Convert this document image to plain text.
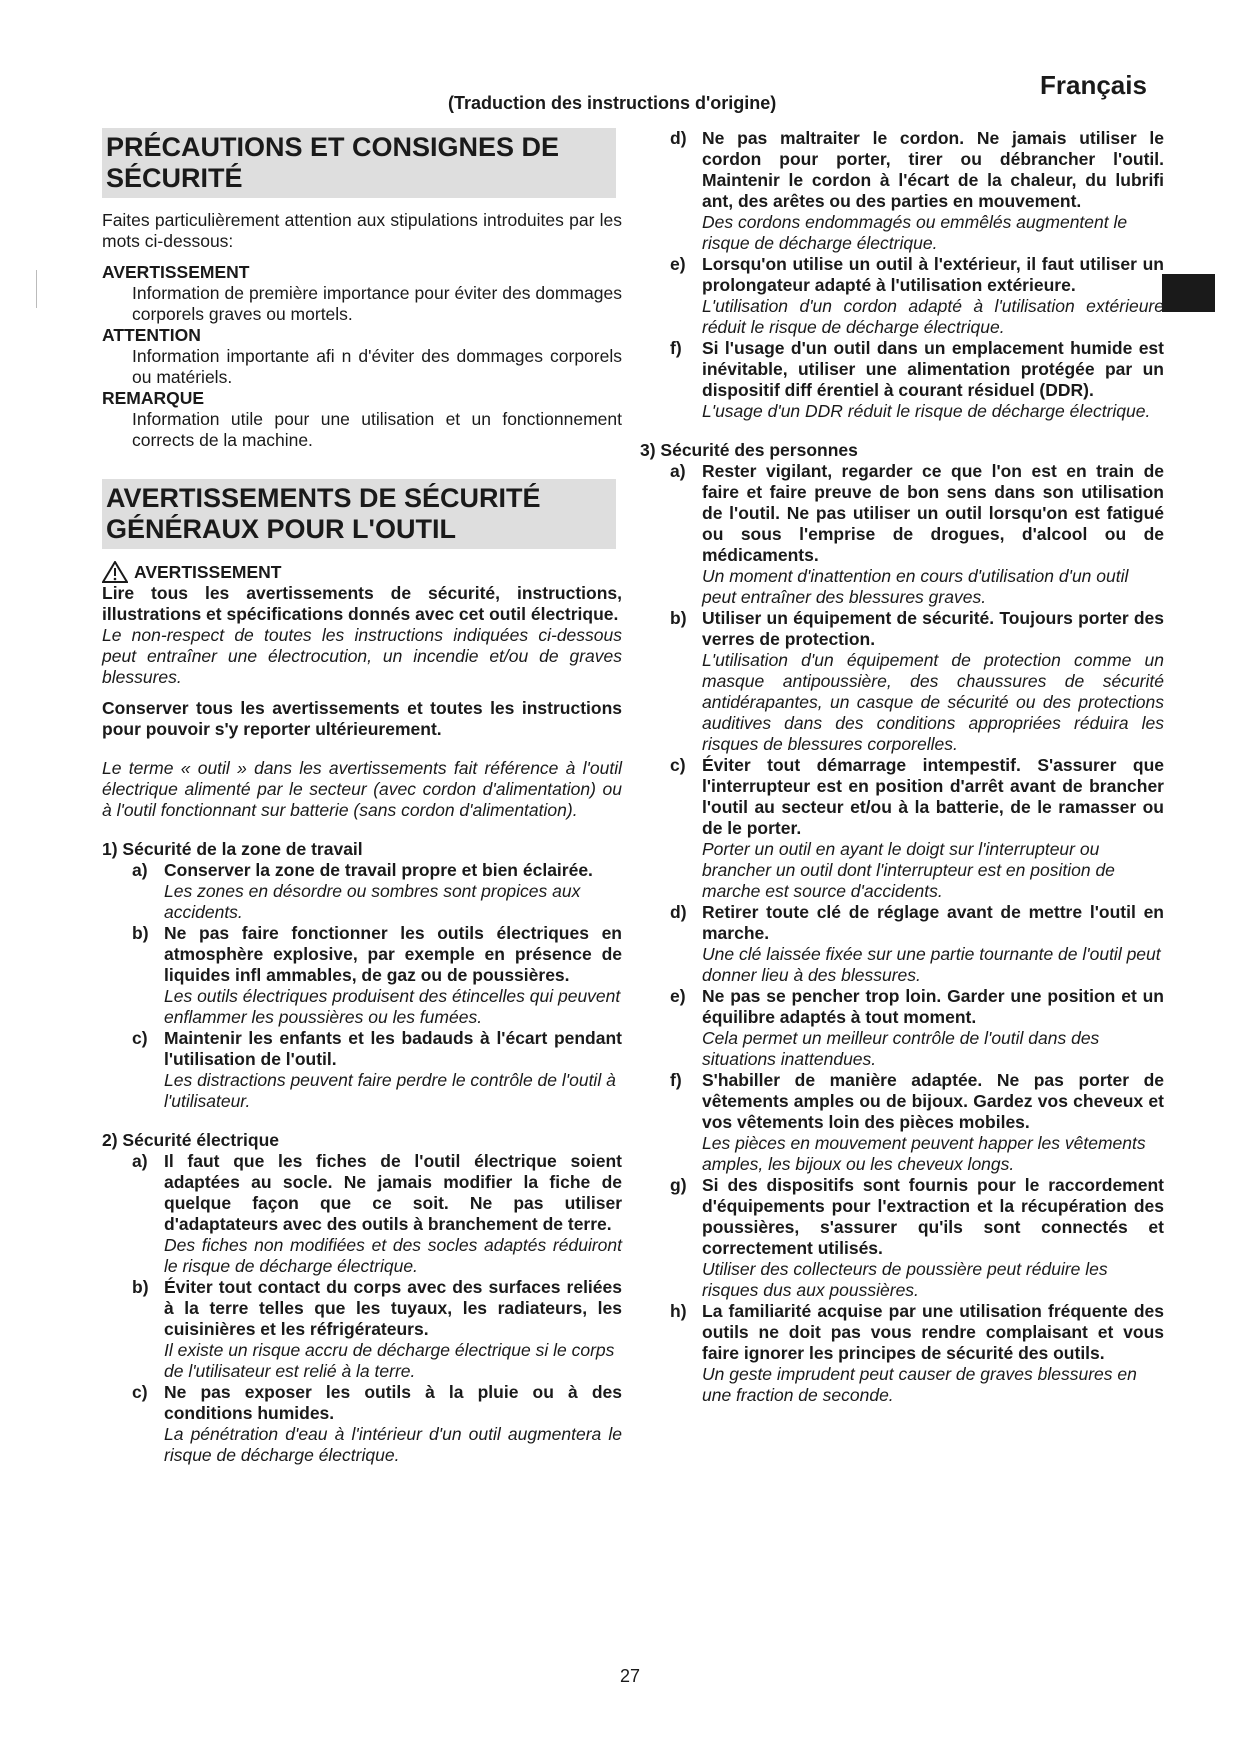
Français
(Traduction des instructions d'origine)
PRÉCAUTIONS ET CONSIGNES DE
SÉCURITÉ

Faites particulièrement attention aux stipulations introduites par les mots ci-dessous:

AVERTISSEMENT

Information de première importance pour éviter des dommages corporels graves ou mortels.

ATTENTION

Information importante afi n d'éviter des dommages corporels ou matériels.

REMARQUE

Information utile pour une utilisation et un fonctionnement corrects de la machine.

AVERTISSEMENTS DE SÉCURITÉ
GÉNÉRAUX POUR L'OUTIL
AVERTISSEMENT

Lire tous les avertissements de sécurité, instructions, illustrations et spécifications donnés avec cet outil électrique.

Le non-respect de toutes les instructions indiquées ci-dessous peut entraîner une électrocution, un incendie et/ou de graves blessures.

Conserver tous les avertissements et toutes les instructions pour pouvoir s'y reporter ultérieurement.

Le terme « outil » dans les avertissements fait référence à l'outil électrique alimenté par le secteur (avec cordon d'alimentation) ou à l'outil fonctionnant sur batterie (sans cordon d'alimentation).

1) Sécurité de la zone de travail

a) Conserver la zone de travail propre et bien éclairée.

Les zones en désordre ou sombres sont propices aux accidents.

b) Ne pas faire fonctionner les outils électriques en atmosphère explosive, par exemple en présence de liquides infl ammables, de gaz ou de poussières.

Les outils électriques produisent des étincelles qui peuvent enflammer les poussières ou les fumées.

c) Maintenir les enfants et les badauds à l'écart pendant l'utilisation de l'outil.

Les distractions peuvent faire perdre le contrôle de l'outil à l'utilisateur.

2) Sécurité électrique

a) Il faut que les fiches de l'outil électrique soient adaptées au socle. Ne jamais modifier la fiche de quelque façon que ce soit. Ne pas utiliser d'adaptateurs avec des outils à branchement de terre.

Des fiches non modifiées et des socles adaptés réduiront le risque de décharge électrique.

b) Éviter tout contact du corps avec des surfaces reliées à la terre telles que les tuyaux, les radiateurs, les cuisinières et les réfrigérateurs.

Il existe un risque accru de décharge électrique si le corps de l'utilisateur est relié à la terre.

c) Ne pas exposer les outils à la pluie ou à des conditions humides.

La pénétration d'eau à l'intérieur d'un outil augmentera le risque de décharge électrique.

d) Ne pas maltraiter le cordon. Ne jamais utiliser le cordon pour porter, tirer ou débrancher l'outil. Maintenir le cordon à l'écart de la chaleur, du lubrifi ant, des arêtes ou des parties en mouvement.

Des cordons endommagés ou emmêlés augmentent le risque de décharge électrique.

e) Lorsqu'on utilise un outil à l'extérieur, il faut utiliser un prolongateur adapté à l'utilisation extérieure.

L'utilisation d'un cordon adapté à l'utilisation extérieure réduit le risque de décharge électrique.

f)	Si l'usage d'un outil dans un emplacement humide est inévitable, utiliser une alimentation protégée par un dispositif diff érentiel à courant résiduel (DDR).

L'usage d'un DDR réduit le risque de décharge électrique.

3) Sécurité des personnes

a) Rester vigilant, regarder ce que l'on est en train de faire et faire preuve de bon sens dans son utilisation de l'outil. Ne pas utiliser un outil lorsqu'on est fatigué ou sous l'emprise de drogues, d'alcool ou de médicaments.

Un moment d'inattention en cours d'utilisation d'un outil peut entraîner des blessures graves.

b) Utiliser un équipement de sécurité. Toujours porter des verres de protection.

L'utilisation d'un équipement de protection comme un masque antipoussière, des chaussures de sécurité antidérapantes, un casque de sécurité ou des protections auditives dans des conditions appropriées réduira les risques de blessures corporelles.

c) Éviter tout démarrage intempestif. S'assurer que l'interrupteur est en position d'arrêt avant de brancher l'outil au secteur et/ou à la batterie, de le ramasser ou de le porter.

Porter un outil en ayant le doigt sur l'interrupteur ou brancher un outil dont l'interrupteur est en position de marche est source d'accidents.

d) Retirer toute clé de réglage avant de mettre l'outil en marche.

Une clé laissée fixée sur une partie tournante de l'outil peut donner lieu à des blessures.

e) Ne pas se pencher trop loin. Garder une position et un équilibre adaptés à tout moment.

Cela permet un meilleur contrôle de l'outil dans des situations inattendues.

f)	S'habiller de manière adaptée. Ne pas porter de vêtements amples ou de bijoux. Gardez vos cheveux et vos vêtements loin des pièces mobiles.

Les pièces en mouvement peuvent happer les vêtements amples, les bijoux ou les cheveux longs.

g) Si des dispositifs sont fournis pour le raccordement d'équipements pour l'extraction et la récupération des poussières, s'assurer qu'ils sont connectés et correctement utilisés.

Utiliser des collecteurs de poussière peut réduire les risques dus aux poussières.

h) La familiarité acquise par une utilisation fréquente des outils ne doit pas vous rendre complaisant et vous faire ignorer les principes de sécurité des outils.

Un geste imprudent peut causer de graves blessures en une fraction de seconde.

27
